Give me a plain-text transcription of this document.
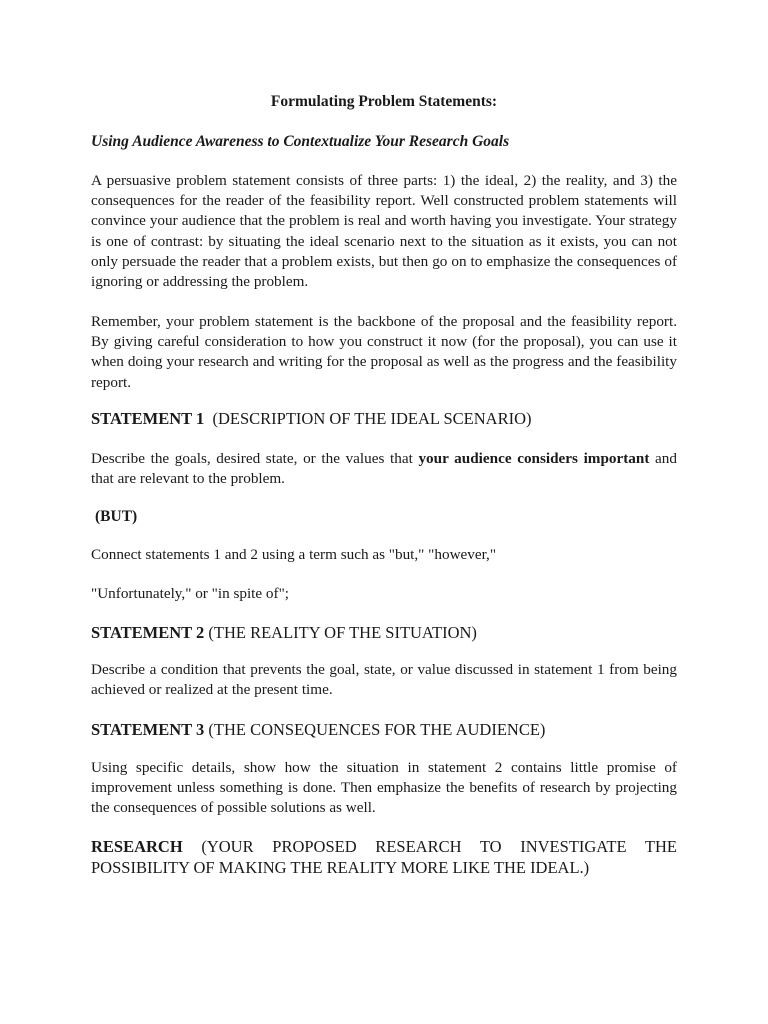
Formulating Problem Statements:
Using Audience Awareness to Contextualize Your Research Goals

A persuasive problem statement consists of three parts: 1) the ideal, 2) the reality, and 3) the consequences for the reader of the feasibility report. Well constructed problem statements will convince your audience that the problem is real and worth having you investigate. Your strategy is one of contrast: by situating the ideal scenario next to the situation as it exists, you can not only persuade the reader that a problem exists, but then go on to emphasize the consequences of ignoring or addressing the problem.

Remember, your problem statement is the backbone of the proposal and the feasibility report. By giving careful consideration to how you construct it now (for the proposal), you can use it when doing your research and writing for the proposal as well as the progress and the feasibility report.

STATEMENT 1 (DESCRIPTION OF THE IDEAL SCENARIO)

Describe the goals, desired state, or the values that your audience considers important and that are relevant to the problem.

(BUT)

Connect statements 1 and 2 using a term such as "but," "however,"

"Unfortunately," or "in spite of";

STATEMENT 2 (THE REALITY OF THE SITUATION)

Describe a condition that prevents the goal, state, or value discussed in statement 1 from being achieved or realized at the present time.

STATEMENT 3 (THE CONSEQUENCES FOR THE AUDIENCE)

Using specific details, show how the situation in statement 2 contains little promise of improvement unless something is done. Then emphasize the benefits of research by projecting the consequences of possible solutions as well.

RESEARCH (YOUR PROPOSED RESEARCH TO INVESTIGATE THE POSSIBILITY OF MAKING THE REALITY MORE LIKE THE IDEAL.)
